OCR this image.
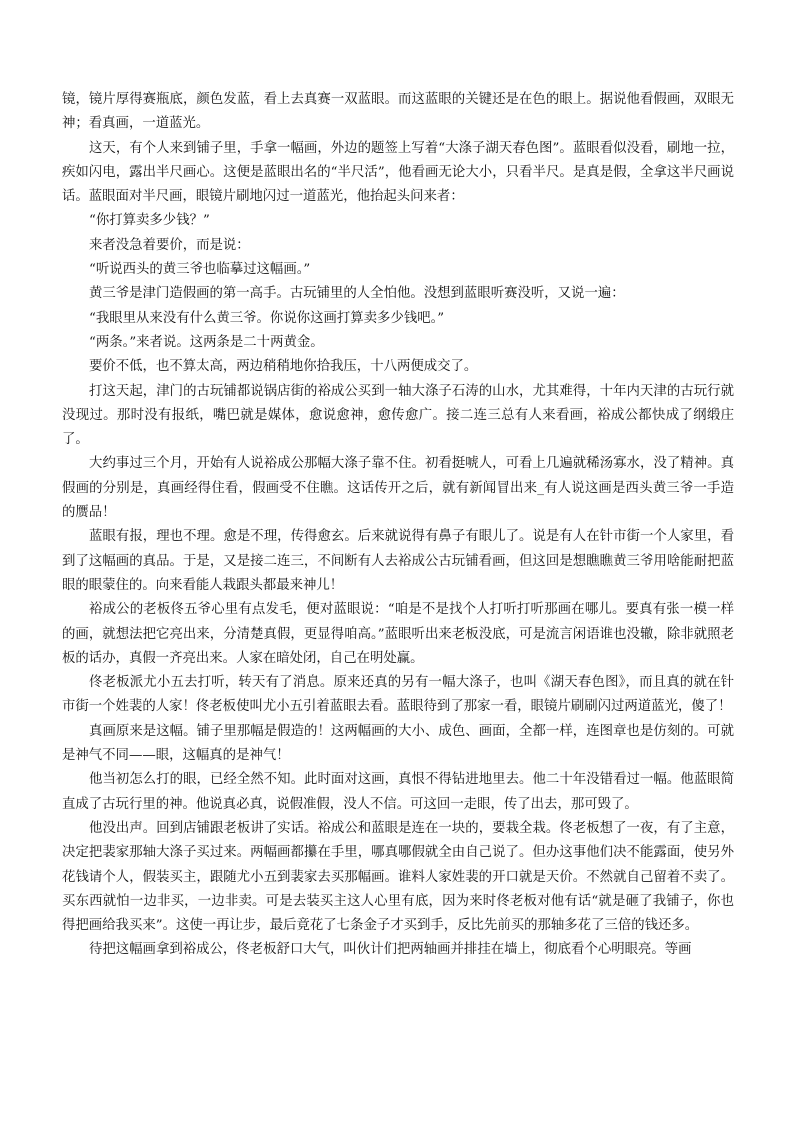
镜，镜片厚得赛瓶底，颜色发蓝，看上去真赛一双蓝眼。而这蓝眼的关键还是在色的眼上。据说他看假画，双眼无神；看真画，一道蓝光。

这天，有个人来到铺子里，手拿一幅画，外边的题签上写着“大涤子湖天春色图”。蓝眼看似没看，刷地一拉，疾如闪电，露出半尺画心。这便是蓝眼出名的“半尺活”，他看画无论大小，只看半尺。是真是假，全拿这半尺画说话。蓝眼面对半尺画，眼镜片刷地闪过一道蓝光，他抬起头问来者：

“你打算卖多少钱？”

来者没急着要价，而是说：

“听说西头的黄三爷也临摹过这幅画。”

黄三爷是津门造假画的第一高手。古玩铺里的人全怕他。没想到蓝眼听赛没听，又说一遍：

“我眼里从来没有什么黄三爷。你说你这画打算卖多少钱吧。”

“两条。”来者说。这两条是二十两黄金。

要价不低，也不算太高，两边稍稍地你拾我压，十八两便成交了。

打这天起，津门的古玩铺都说锅店街的裕成公买到一轴大涤子石涛的山水，尤其难得，十年内天津的古玩行就没现过。那时没有报纸，嘴巴就是媒体，愈说愈神，愈传愈广。接二连三总有人来看画，裕成公都快成了纲缎庄了。

大约事过三个月，开始有人说裕成公那幅大涤子靠不住。初看挺唬人，可看上几遍就稀汤寡水，没了精神。真假画的分别是，真画经得住看，假画受不住瞧。这话传开之后，就有新闻冒出来_有人说这画是西头黄三爷一手造的赝品！

蓝眼有报，理也不理。愈是不理，传得愈玄。后来就说得有鼻子有眼儿了。说是有人在针市街一个人家里，看到了这幅画的真品。于是，又是接二连三，不间断有人去裕成公古玩铺看画，但这回是想瞧瞧黄三爷用啥能耐把蓝眼的眼蒙住的。向来看能人栽跟头都最来神儿！

裕成公的老板佟五爷心里有点发毛，便对蓝眼说：“咱是不是找个人打听打听那画在哪儿。要真有张一模一样的画，就想法把它亮出来，分清楚真假，更显得咱高。”蓝眼听出来老板没底，可是流言闲语谁也没辙，除非就照老板的话办，真假一齐亮出来。人家在暗处闭，自己在明处赢。

佟老板派尤小五去打听，转天有了消息。原来还真的另有一幅大涤子，也叫《湖天春色图》，而且真的就在针市街一个姓裴的人家！佟老板使叫尤小五引着蓝眼去看。蓝眼待到了那家一看，眼镜片刷刷闪过两道蓝光，傻了！

真画原来是这幅。铺子里那幅是假造的！这两幅画的大小、成色、画面，全都一样，连图章也是仿刻的。可就是神气不同——眼，这幅真的是神气！

他当初怎么打的眼，已经全然不知。此时面对这画，真恨不得钻进地里去。他二十年没错看过一幅。他蓝眼简直成了古玩行里的神。他说真必真，说假准假，没人不信。可这回一走眼，传了出去，那可毁了。

他没出声。回到店铺跟老板讲了实话。裕成公和蓝眼是连在一块的，要栽全栽。佟老板想了一夜，有了主意，决定把裴家那轴大涤子买过来。两幅画都攥在手里，哪真哪假就全由自己说了。但办这事他们决不能露面，使另外花钱请个人，假装买主，跟随尤小五到裴家去买那幅画。谁料人家姓裴的开口就是天价。不然就自己留着不卖了。买东西就怕一边非买，一边非卖。可是去装买主这人心里有底，因为来时佟老板对他有话“就是砸了我铺子，你也得把画给我买来”。这使一再让步，最后竟花了七条金子才买到手，反比先前买的那轴多花了三倍的钱还多。

待把这幅画拿到裕成公，佟老板舒口大气，叫伙计们把两轴画并排挂在墙上，彻底看个心明眼亮。等画
